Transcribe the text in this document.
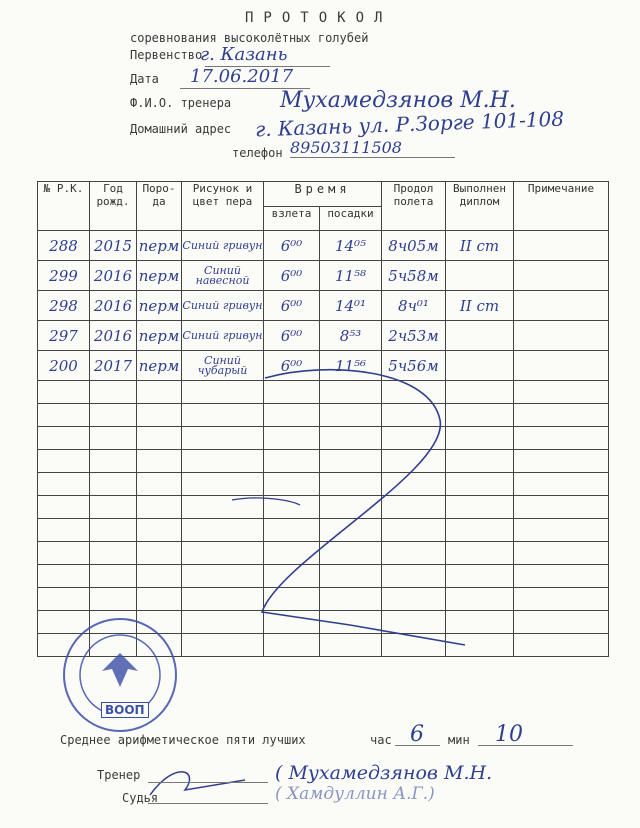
ПРОТОКОЛ
соревнования высоколётных голубей
Первенство
г. Казань
Дата 17.06.2017
Ф.И.О. тренера Мухамедзянов М.Н.
Домашний адрес г. Казань ул. Р.Зорге 101-108
телефон 89503111508
№ Р.К.	Год рожд.	Поро-да	Рисунок и цвет пера	Время		Продол полета	Выполнен диплом	Примечание
				взлета	посадки			
288	2015	перм	Синий гривун	6⁰⁰	14⁰⁵	8ч05м	II ст	
299	2016	перм	Синий навесной	6⁰⁰	11⁵⁸	5ч58м		
298	2016	перм	Синий гривун	6⁰⁰	14⁰¹	8ч⁰¹	II ст	
297	2016	перм	Синий гривун	6⁰⁰	8⁵³	2ч53м		
200	2017	перм	Синий чубарый	6⁰⁰	11⁵⁶	5ч56м		

ВООП
Среднее арифметическое пяти лучших	час 6 мин 10
Тренер	( Мухамедзянов М.Н.
Судья	( Хамдуллин А.Г.)
